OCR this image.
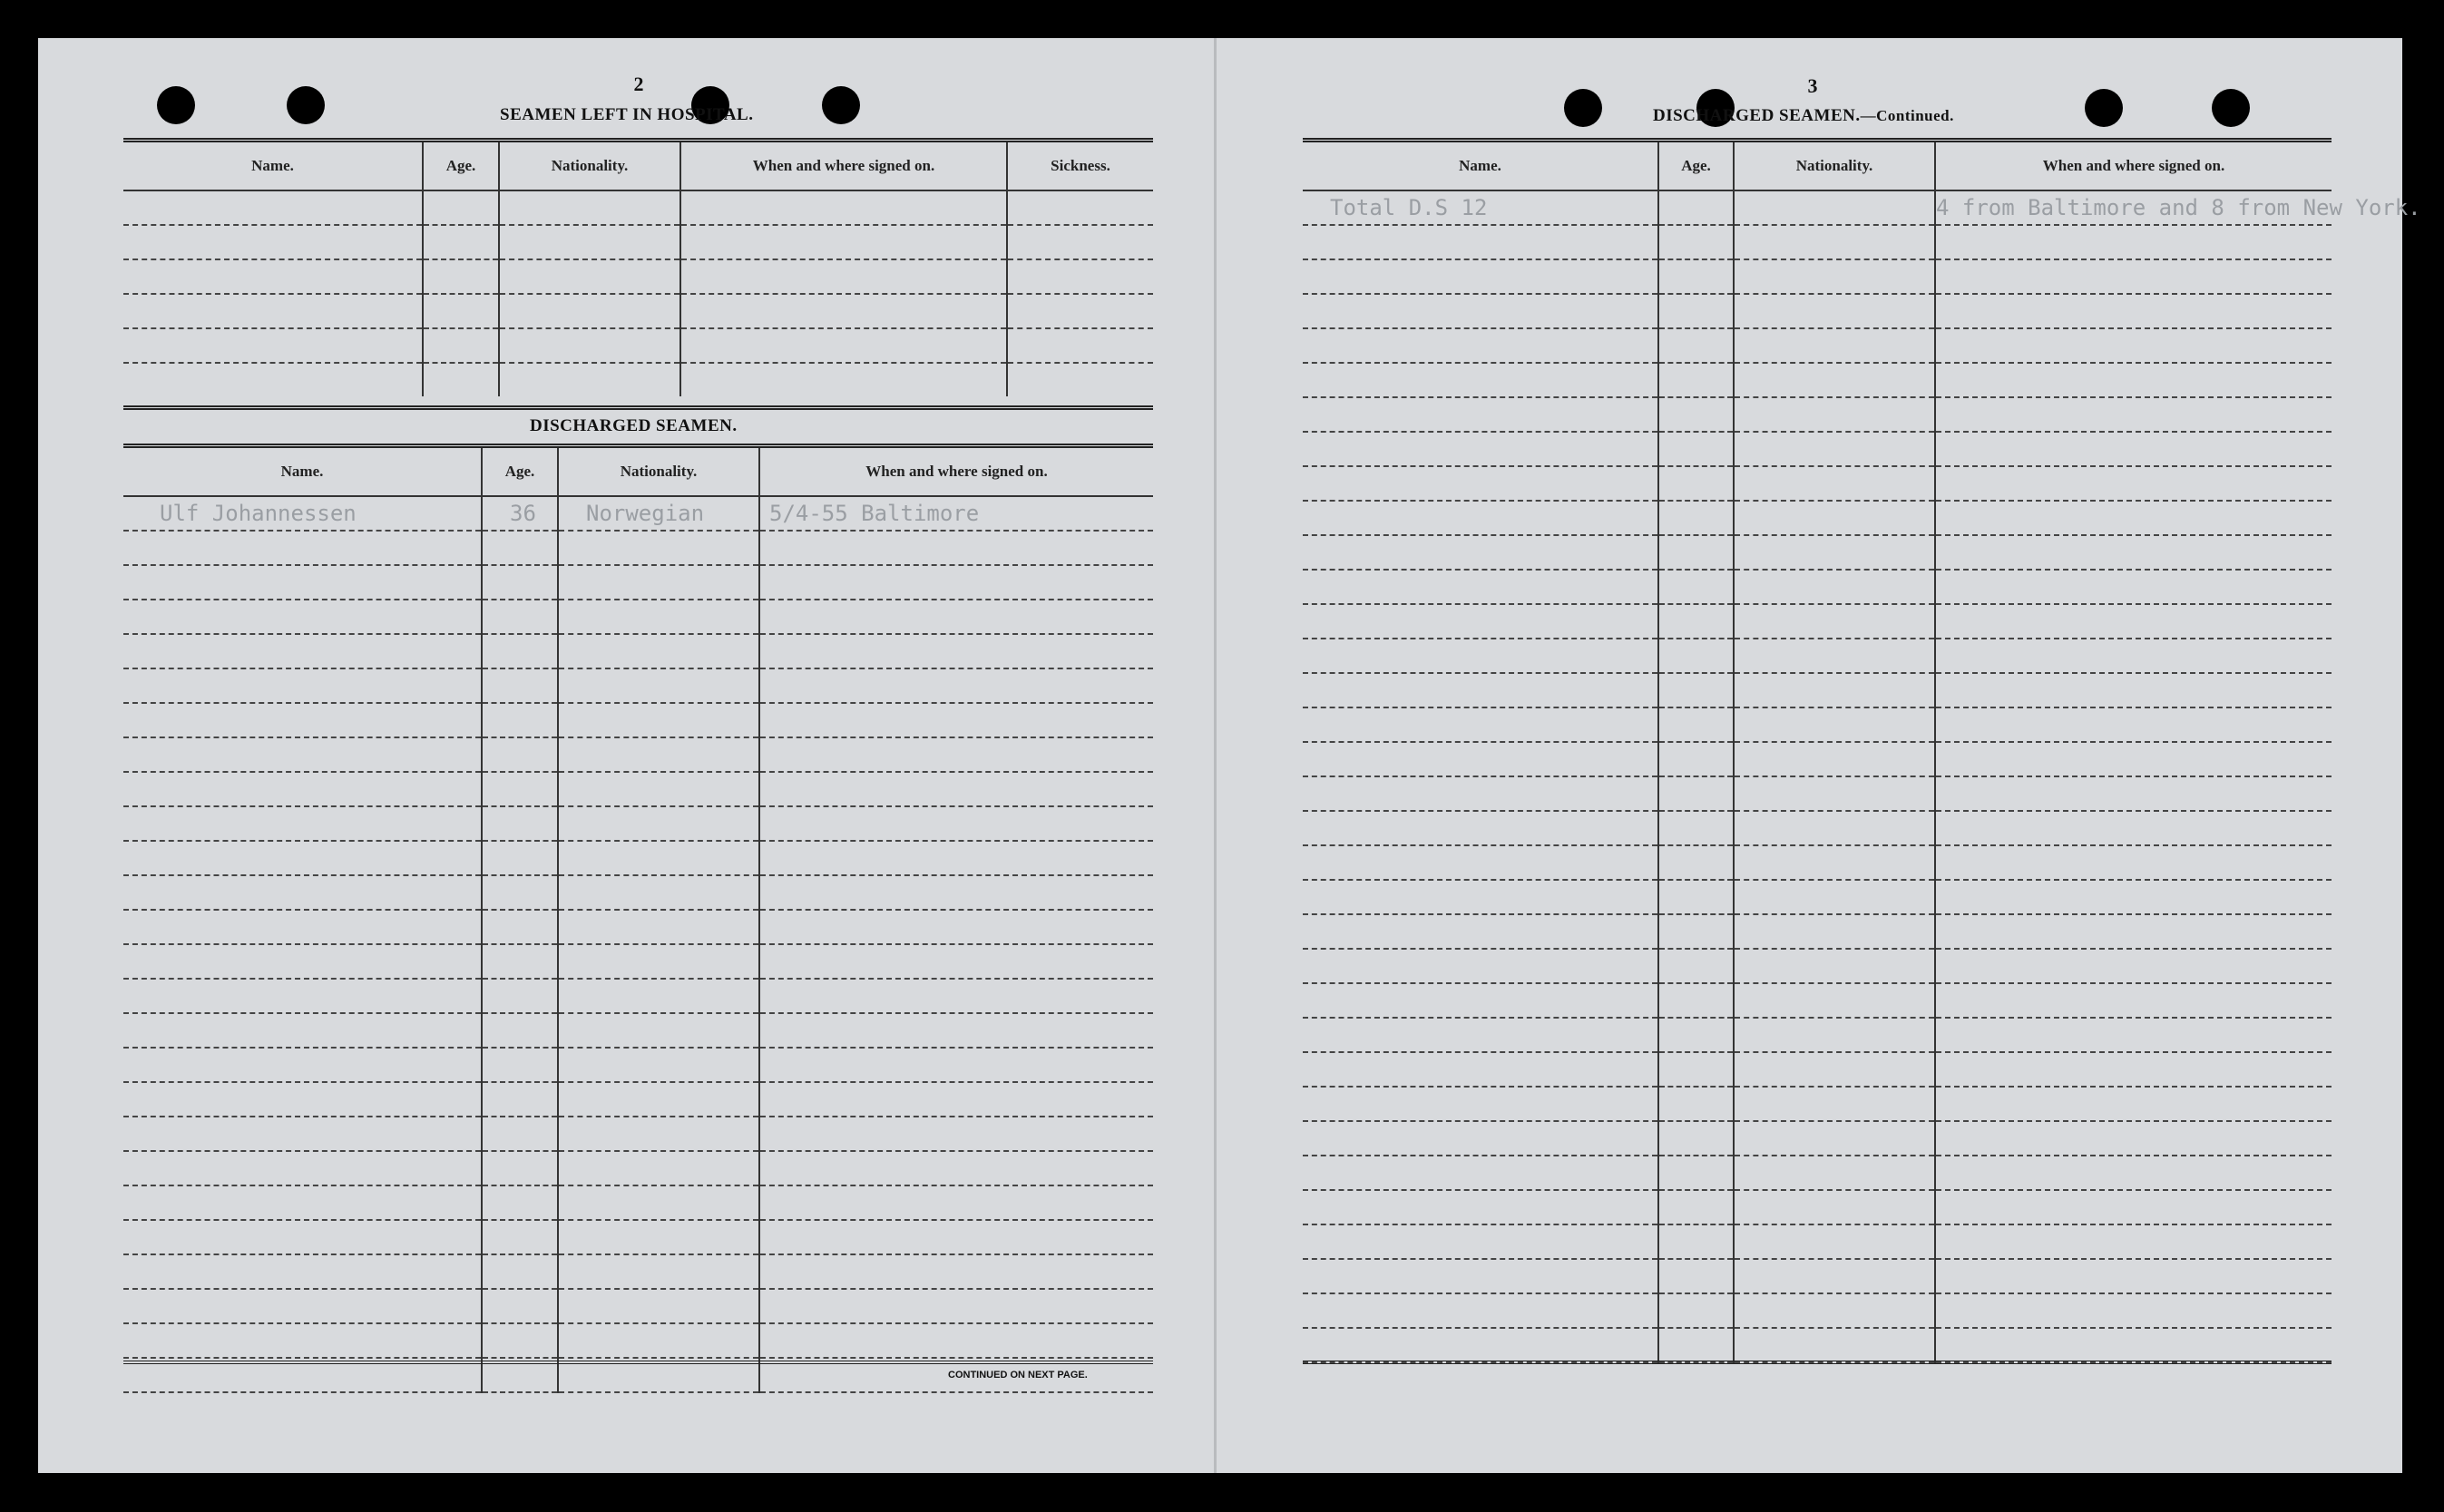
2
SEAMEN LEFT IN HOSPITAL.
Name.	Age.	Nationality.	When and where signed on.	Sickness.

DISCHARGED SEAMEN.
Name.	Age.	Nationality.	When and where signed on.
Ulf Johannessen	36	Norwegian	5/4-55 Baltimore

CONTINUED ON NEXT PAGE.
3
DISCHARGED SEAMEN.—Continued.
Name.	Age.	Nationality.	When and where signed on.
Total D.S 12			4 from Baltimore and 8 from New York.
